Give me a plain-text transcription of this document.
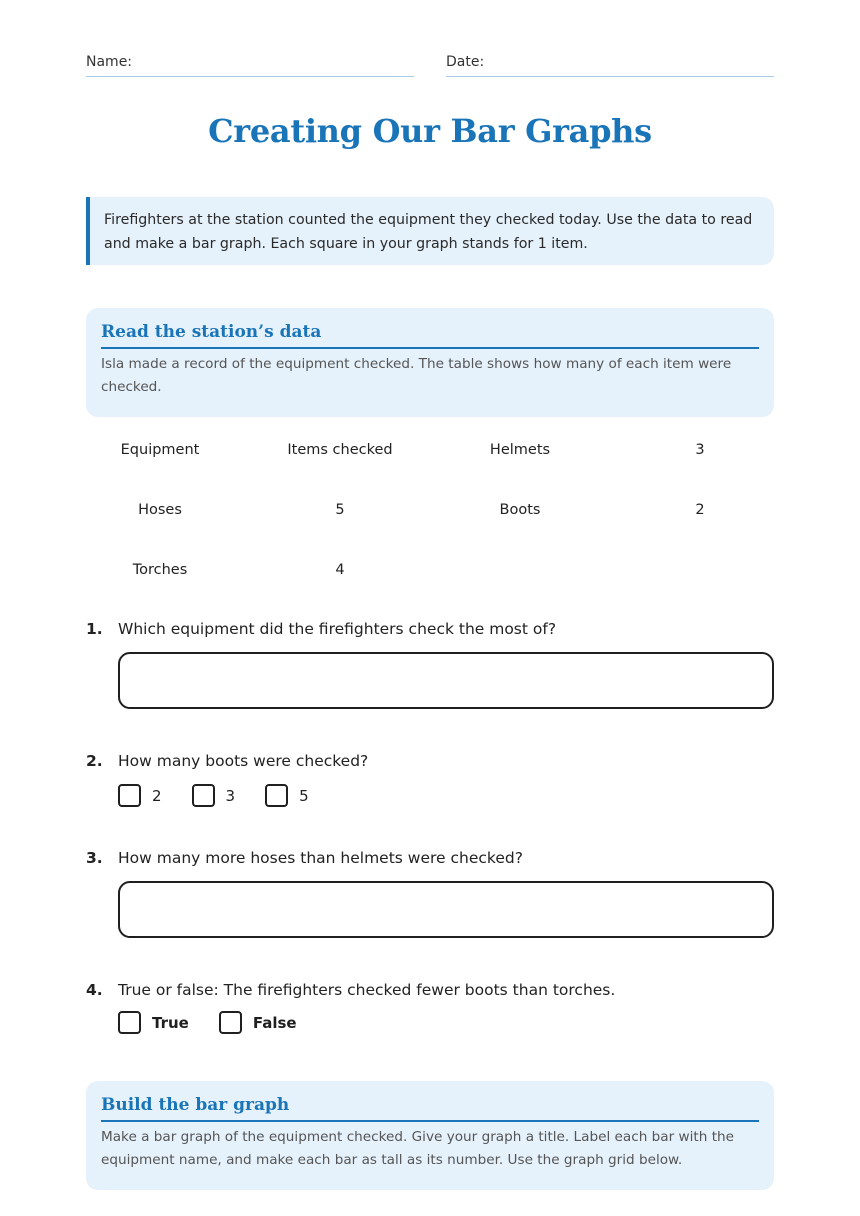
Name:	Date:
Creating Our Bar Graphs
Firefighters at the station counted the equipment they checked today. Use the data to read and make a bar graph. Each square in your graph stands for 1 item.
Read the station’s data
Isla made a record of the equipment checked. The table shows how many of each item were checked.
Equipment	Items checked	Helmets	3
Hoses	5	Boots	2
Torches	4
1. Which equipment did the firefighters check the most of?
2. How many boots were checked?
2	3	5
3. How many more hoses than helmets were checked?
4. True or false: The firefighters checked fewer boots than torches.
True	False
Build the bar graph
Make a bar graph of the equipment checked. Give your graph a title. Label each bar with the equipment name, and make each bar as tall as its number. Use the graph grid below.
